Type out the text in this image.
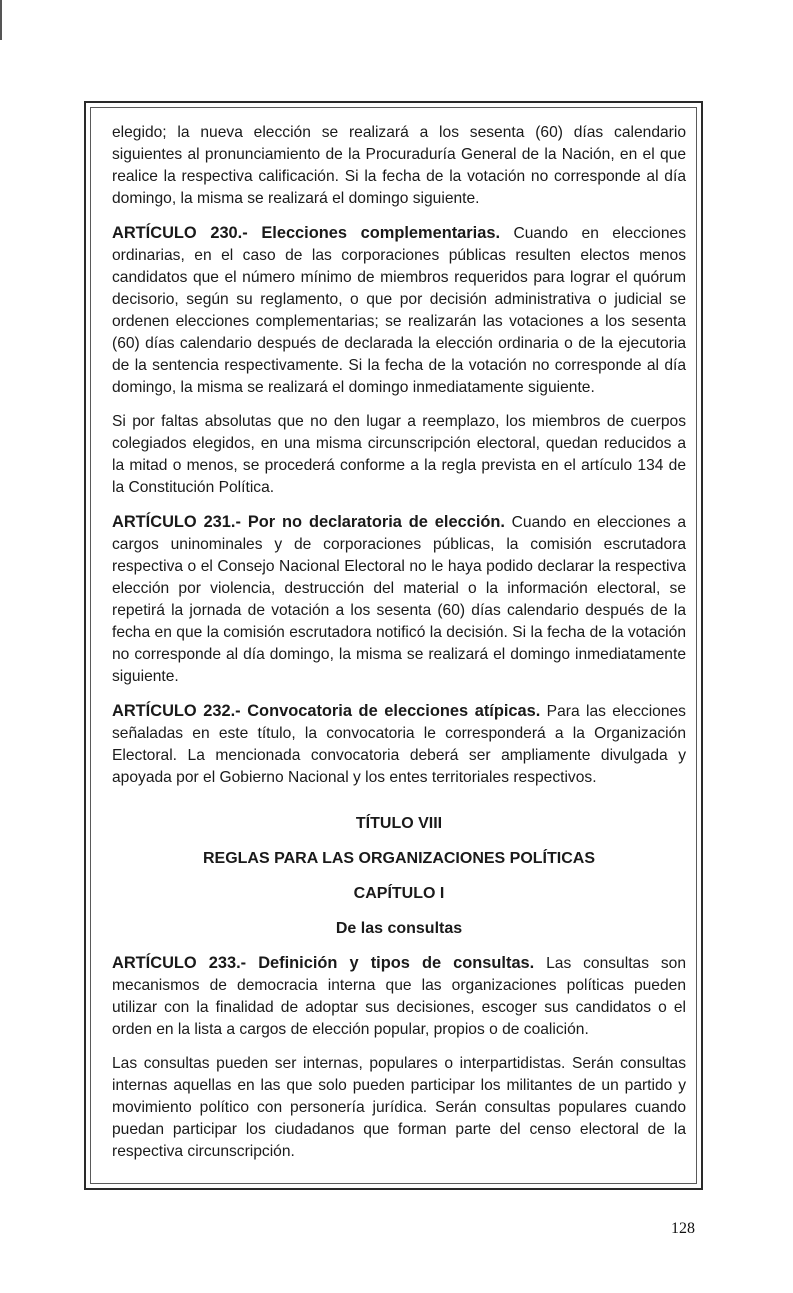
elegido; la nueva elección se realizará a los sesenta (60) días calendario siguientes al pronunciamiento de la Procuraduría General de la Nación, en el que realice la respectiva calificación. Si la fecha de la votación no corresponde al día domingo, la misma se realizará el domingo siguiente.

ARTÍCULO 230.- Elecciones complementarias. Cuando en elecciones ordinarias, en el caso de las corporaciones públicas resulten electos menos candidatos que el número mínimo de miembros requeridos para lograr el quórum decisorio, según su reglamento, o que por decisión administrativa o judicial se ordenen elecciones complementarias; se realizarán las votaciones a los sesenta (60) días calendario después de declarada la elección ordinaria o de la ejecutoria de la sentencia respectivamente. Si la fecha de la votación no corresponde al día domingo, la misma se realizará el domingo inmediatamente siguiente.

Si por faltas absolutas que no den lugar a reemplazo, los miembros de cuerpos colegiados elegidos, en una misma circunscripción electoral, quedan reducidos a la mitad o menos, se procederá conforme a la regla prevista en el artículo 134 de la Constitución Política.

ARTÍCULO 231.- Por no declaratoria de elección. Cuando en elecciones a cargos uninominales y de corporaciones públicas, la comisión escrutadora respectiva o el Consejo Nacional Electoral no le haya podido declarar la respectiva elección por violencia, destrucción del material o la información electoral, se repetirá la jornada de votación a los sesenta (60) días calendario después de la fecha en que la comisión escrutadora notificó la decisión. Si la fecha de la votación no corresponde al día domingo, la misma se realizará el domingo inmediatamente siguiente.

ARTÍCULO 232.- Convocatoria de elecciones atípicas. Para las elecciones señaladas en este título, la convocatoria le corresponderá a la Organización Electoral. La mencionada convocatoria deberá ser ampliamente divulgada y apoyada por el Gobierno Nacional y los entes territoriales respectivos.

TÍTULO VIII
REGLAS PARA LAS ORGANIZACIONES POLÍTICAS
CAPÍTULO I
De las consultas

ARTÍCULO 233.- Definición y tipos de consultas. Las consultas son mecanismos de democracia interna que las organizaciones políticas pueden utilizar con la finalidad de adoptar sus decisiones, escoger sus candidatos o el orden en la lista a cargos de elección popular, propios o de coalición.

Las consultas pueden ser internas, populares o interpartidistas. Serán consultas internas aquellas en las que solo pueden participar los militantes de un partido y movimiento político con personería jurídica. Serán consultas populares cuando puedan participar los ciudadanos que forman parte del censo electoral de la respectiva circunscripción.

128
